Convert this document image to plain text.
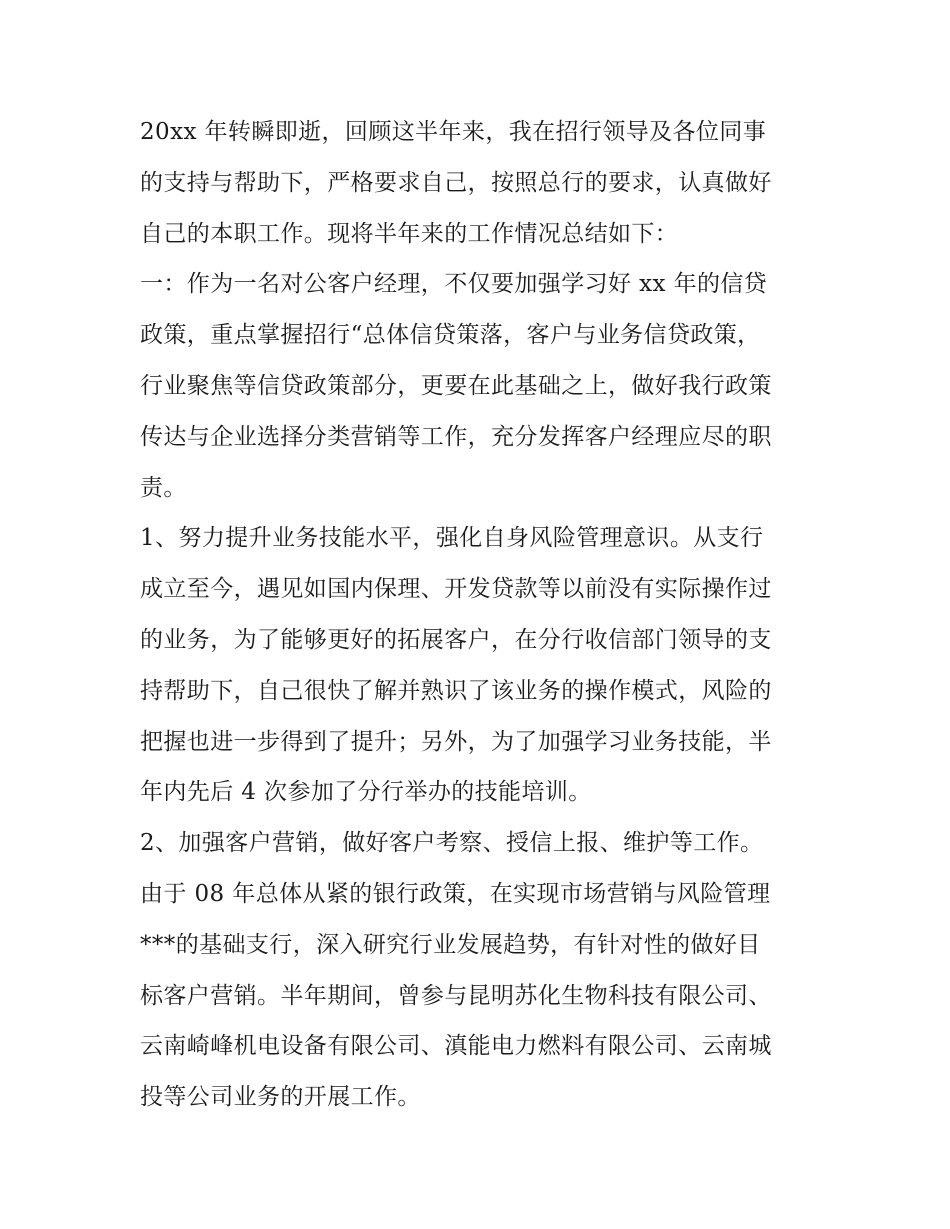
20xx 年转瞬即逝，回顾这半年来，我在招行领导及各位同事
的支持与帮助下，严格要求自己，按照总行的要求，认真做好
自己的本职工作。现将半年来的工作情况总结如下：
一：作为一名对公客户经理，不仅要加强学习好 xx 年的信贷
政策，重点掌握招行“总体信贷策落，客户与业务信贷政策，
行业聚焦等信贷政策部分，更要在此基础之上，做好我行政策
传达与企业选择分类营销等工作，充分发挥客户经理应尽的职
责。
1、努力提升业务技能水平，强化自身风险管理意识。从支行
成立至今，遇见如国内保理、开发贷款等以前没有实际操作过
的业务，为了能够更好的拓展客户，在分行收信部门领导的支
持帮助下，自己很快了解并熟识了该业务的操作模式，风险的
把握也进一步得到了提升；另外，为了加强学习业务技能，半
年内先后 4 次参加了分行举办的技能培训。
2、加强客户营销，做好客户考察、授信上报、维护等工作。
由于 08 年总体从紧的银行政策，在实现市场营销与风险管理
***的基础支行，深入研究行业发展趋势，有针对性的做好目
标客户营销。半年期间，曾参与昆明苏化生物科技有限公司、
云南崎峰机电设备有限公司、滇能电力燃料有限公司、云南城
投等公司业务的开展工作。
